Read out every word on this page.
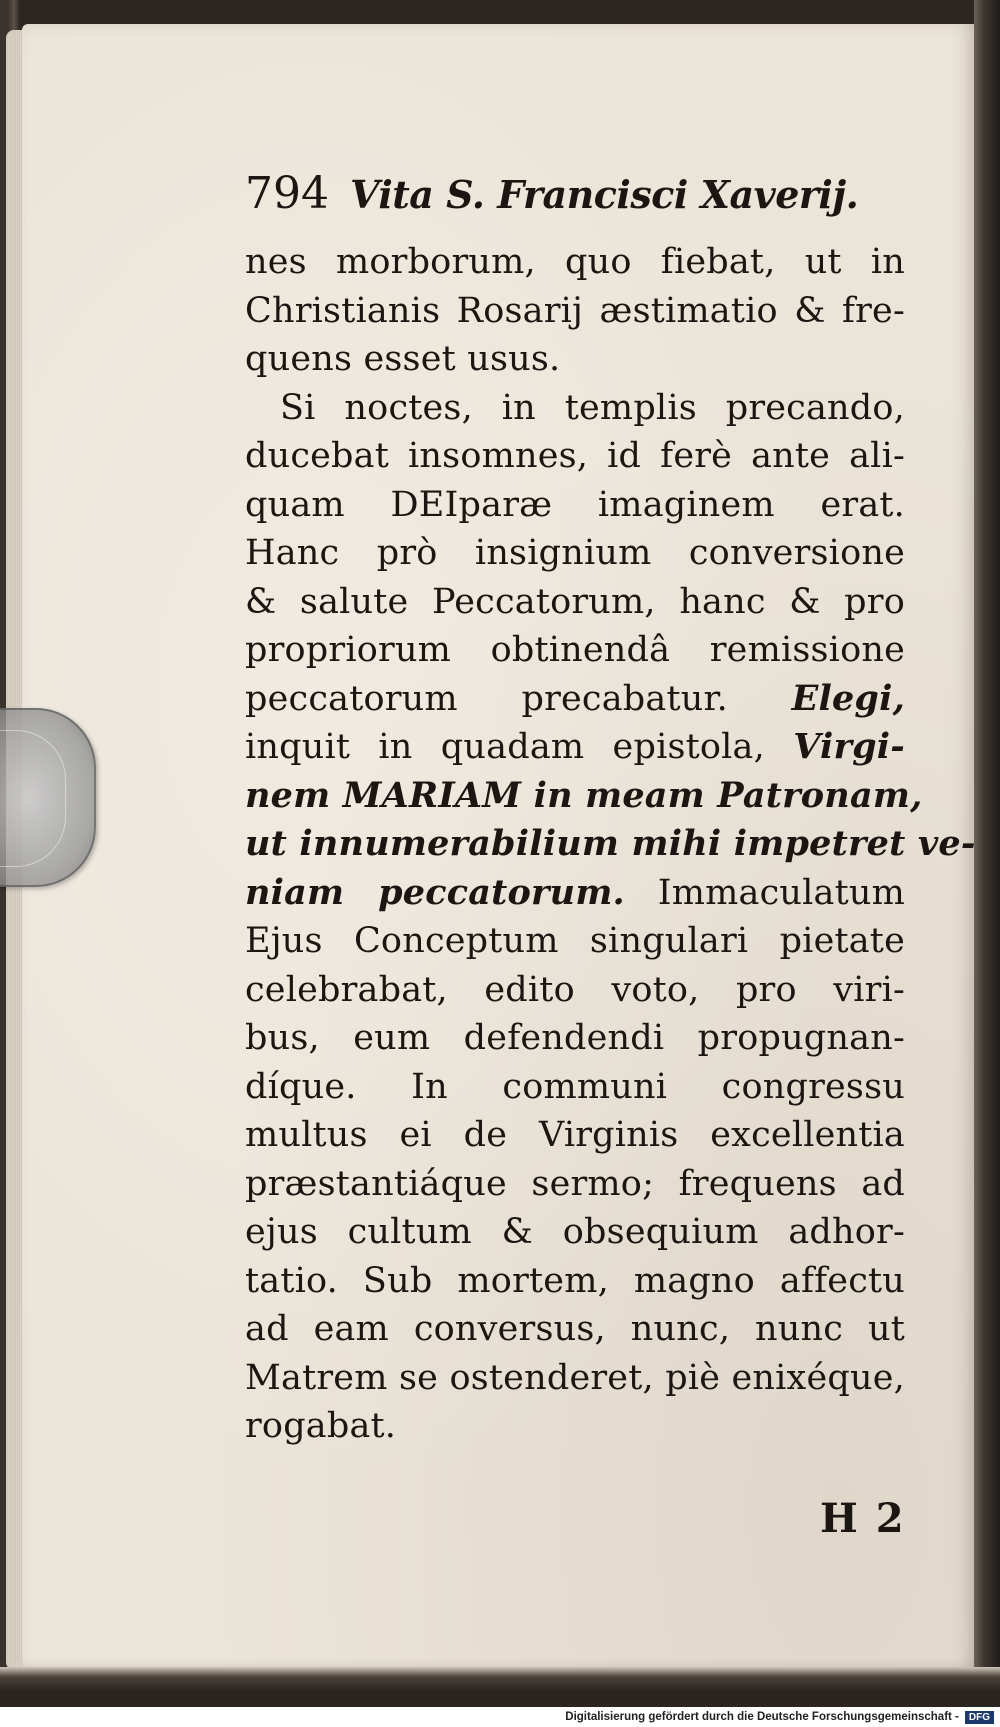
794 Vita S. Francisci Xaverij.
nes morborum, quo fiebat, ut in
Christianis Rosarij æstimatio & fre-
quens esset usus.
Si noctes, in templis precando,
ducebat insomnes, id ferè ante ali-
quam DEIparæ imaginem erat.
Hanc prò insignium conversione
& salute Peccatorum, hanc & pro
propriorum obtinendâ remissione
peccatorum precabatur. Elegi,
inquit in quadam epistola, Virgi-
nem MARIAM in meam Patronam,
ut innumerabilium mihi impetret ve-
niam peccatorum. Immaculatum
Ejus Conceptum singulari pietate
celebrabat, edito voto, pro viri-
bus, eum defendendi propugnan-
díque. In communi congressu
multus ei de Virginis excellentia
præstantiáque sermo; frequens ad
ejus cultum & obsequium adhor-
tatio. Sub mortem, magno affectu
ad eam conversus, nunc, nunc ut
Matrem se ostenderet, piè enixéque,
rogabat.
H 2
Digitalisierung gefördert durch die Deutsche Forschungsgemeinschaft -	DFG
